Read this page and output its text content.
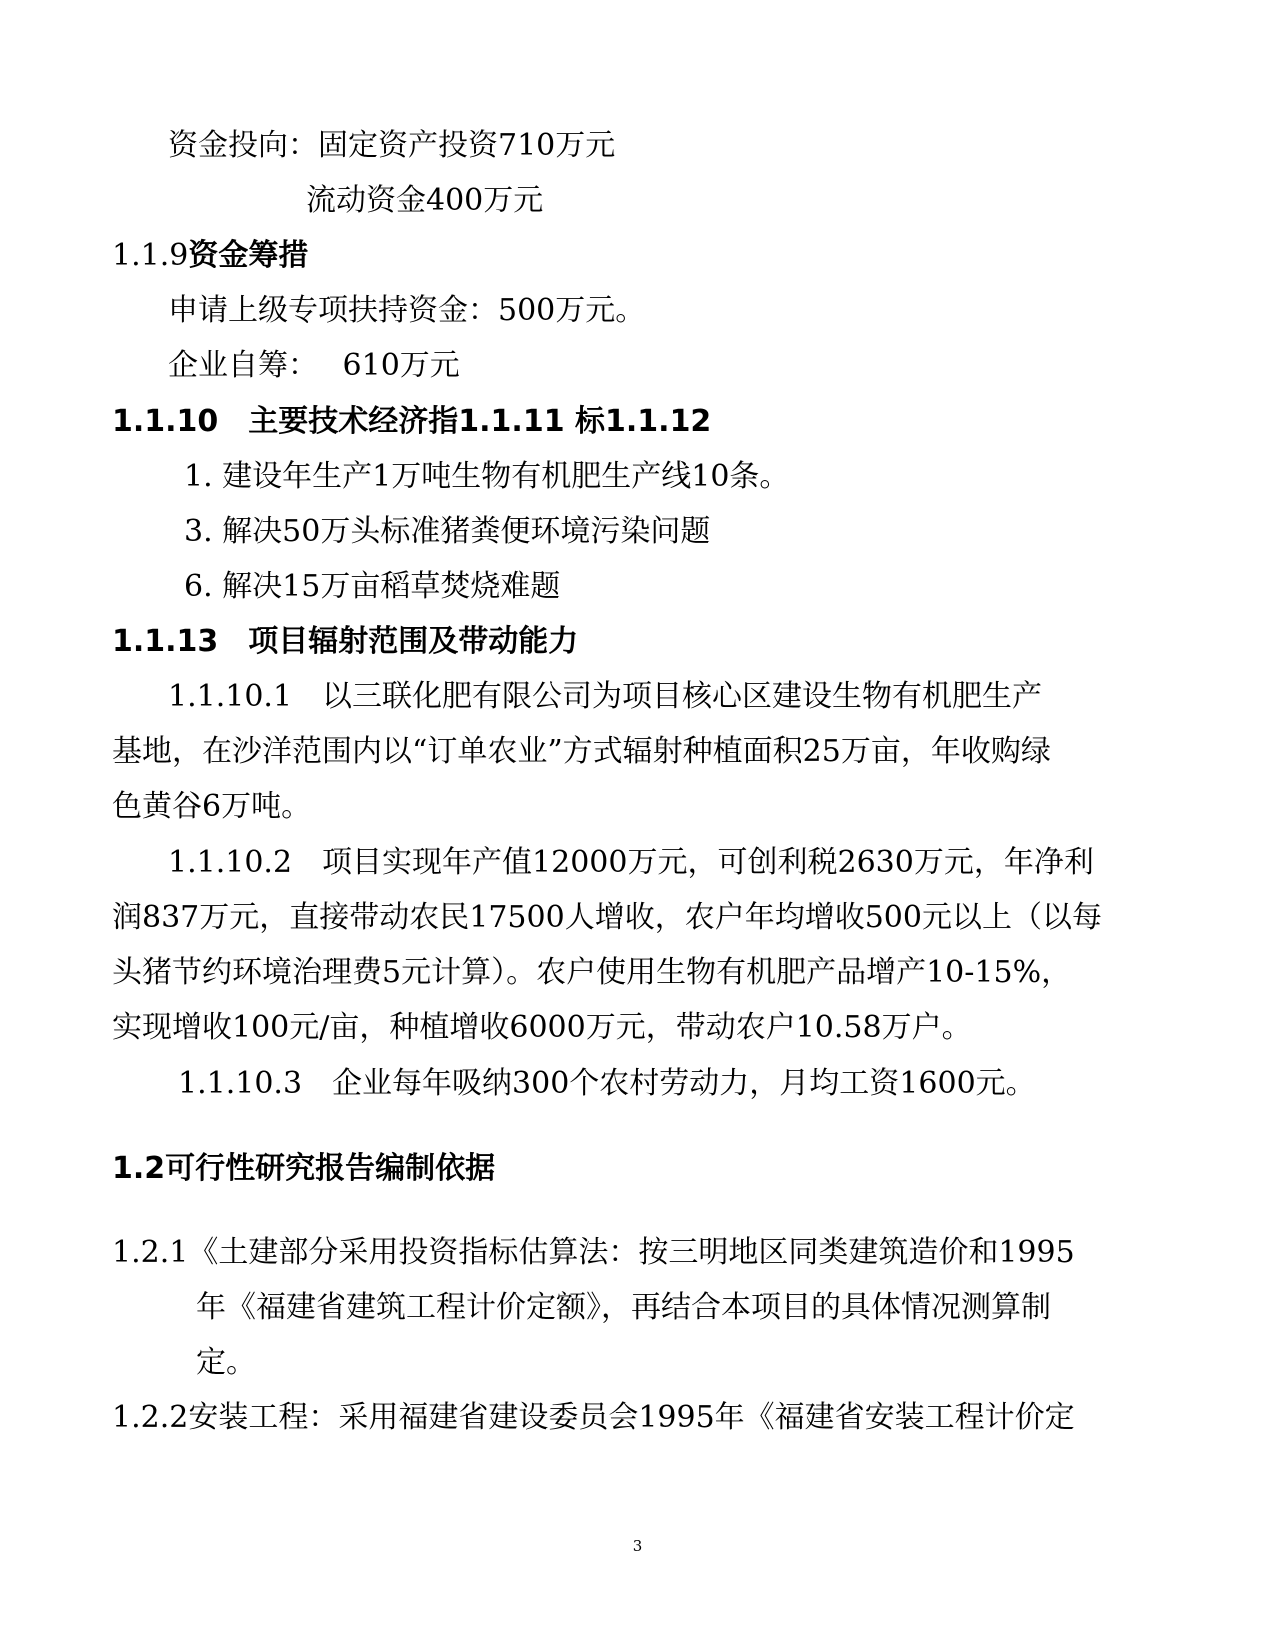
资金投向：固定资产投资710万元
流动资金400万元
1.1.9资金筹措
申请上级专项扶持资金：500万元。
企业自筹：　 610万元
1.1.10　主要技术经济指1.1.11 标1.1.12
1. 建设年生产1万吨生物有机肥生产线10条。
3. 解决50万头标准猪粪便环境污染问题
6. 解决15万亩稻草焚烧难题
1.1.13　项目辐射范围及带动能力
1.1.10.1　以三联化肥有限公司为项目核心区建设生物有机肥生产
基地，在沙洋范围内以“订单农业”方式辐射种植面积25万亩，年收购绿
色黄谷6万吨。
1.1.10.2　项目实现年产值12000万元，可创利税2630万元，年净利
润837万元，直接带动农民17500人增收，农户年均增收500元以上（以每
头猪节约环境治理费5元计算）。农户使用生物有机肥产品增产10-15%，
实现增收100元/亩，种植增收6000万元，带动农户10.58万户。
1.1.10.3　企业每年吸纳300个农村劳动力，月均工资1600元。
1.2可行性研究报告编制依据
1.2.1《土建部分采用投资指标估算法：按三明地区同类建筑造价和1995
年《福建省建筑工程计价定额》，再结合本项目的具体情况测算制
定。
1.2.2安装工程：采用福建省建设委员会1995年《福建省安装工程计价定
3
